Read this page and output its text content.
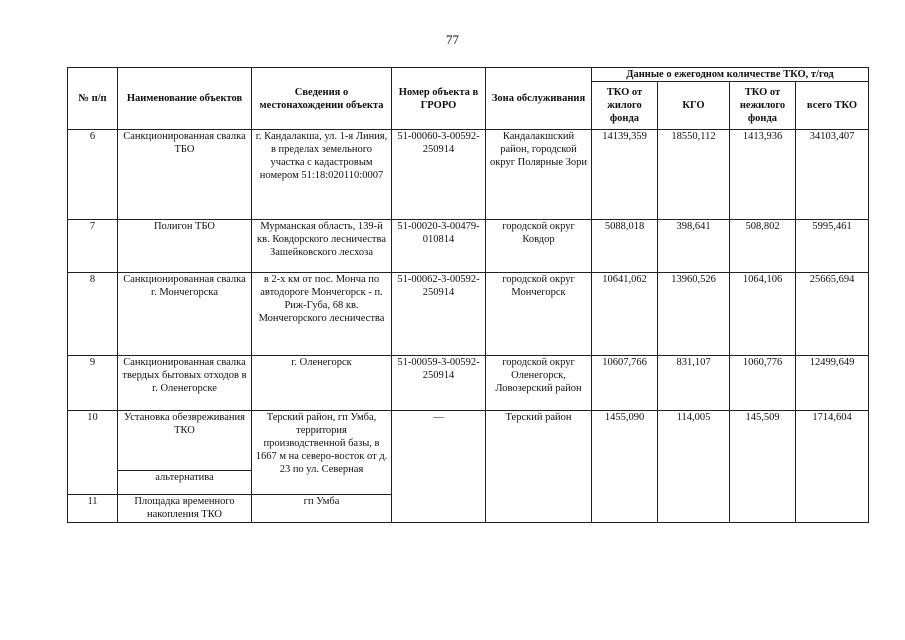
77
№ п/п	Наименование объектов	Сведения о местонахождении объекта	Номер объекта в ГРОРО	Зона обслуживания	Данные о ежегодном количестве ТКО, т/год			
					ТКО от жилого фонда	КГО	ТКО от нежилого фонда	всего ТКО
6	Санкционированная свалка ТБО	г. Кандалакша, ул. 1-я Линия, в пределах земельного участка с кадастровым номером 51:18:020110:0007	51-00060-3-00592-250914	Кандалакшский район, городской округ Полярные Зори	14139,359	18550,112	1413,936	34103,407
7	Полигон ТБО	Мурманская область, 139-й кв. Ковдорского лесничества Зашейковского лесхоза	51-00020-3-00479-010814	городской округ Ковдор	5088,018	398,641	508,802	5995,461
8	Санкционированная свалка г. Мончегорска	в 2-х км от пос. Монча по автодороге Мончегорск - п. Риж-Губа, 68 кв. Мончегорского лесничества	51-00062-3-00592-250914	городской округ Мончегорск	10641,062	13960,526	1064,106	25665,694
9	Санкционированная свалка твердых бытовых отходов в г. Оленегорске	г. Оленегорск	51-00059-3-00592-250914	городской округ Оленегорск, Ловозерский район	10607,766	831,107	1060,776	12499,649
10	Установка обезвреживания ТКО	Терский район, гп Умба, территория производственной базы, в 1667 м на северо-восток от д. 23 по ул. Северная	—	Терский район	1455,090	114,005	145,509	1714,604
	альтернатива							
11	Площадка временного накопления ТКО	гп Умба						
